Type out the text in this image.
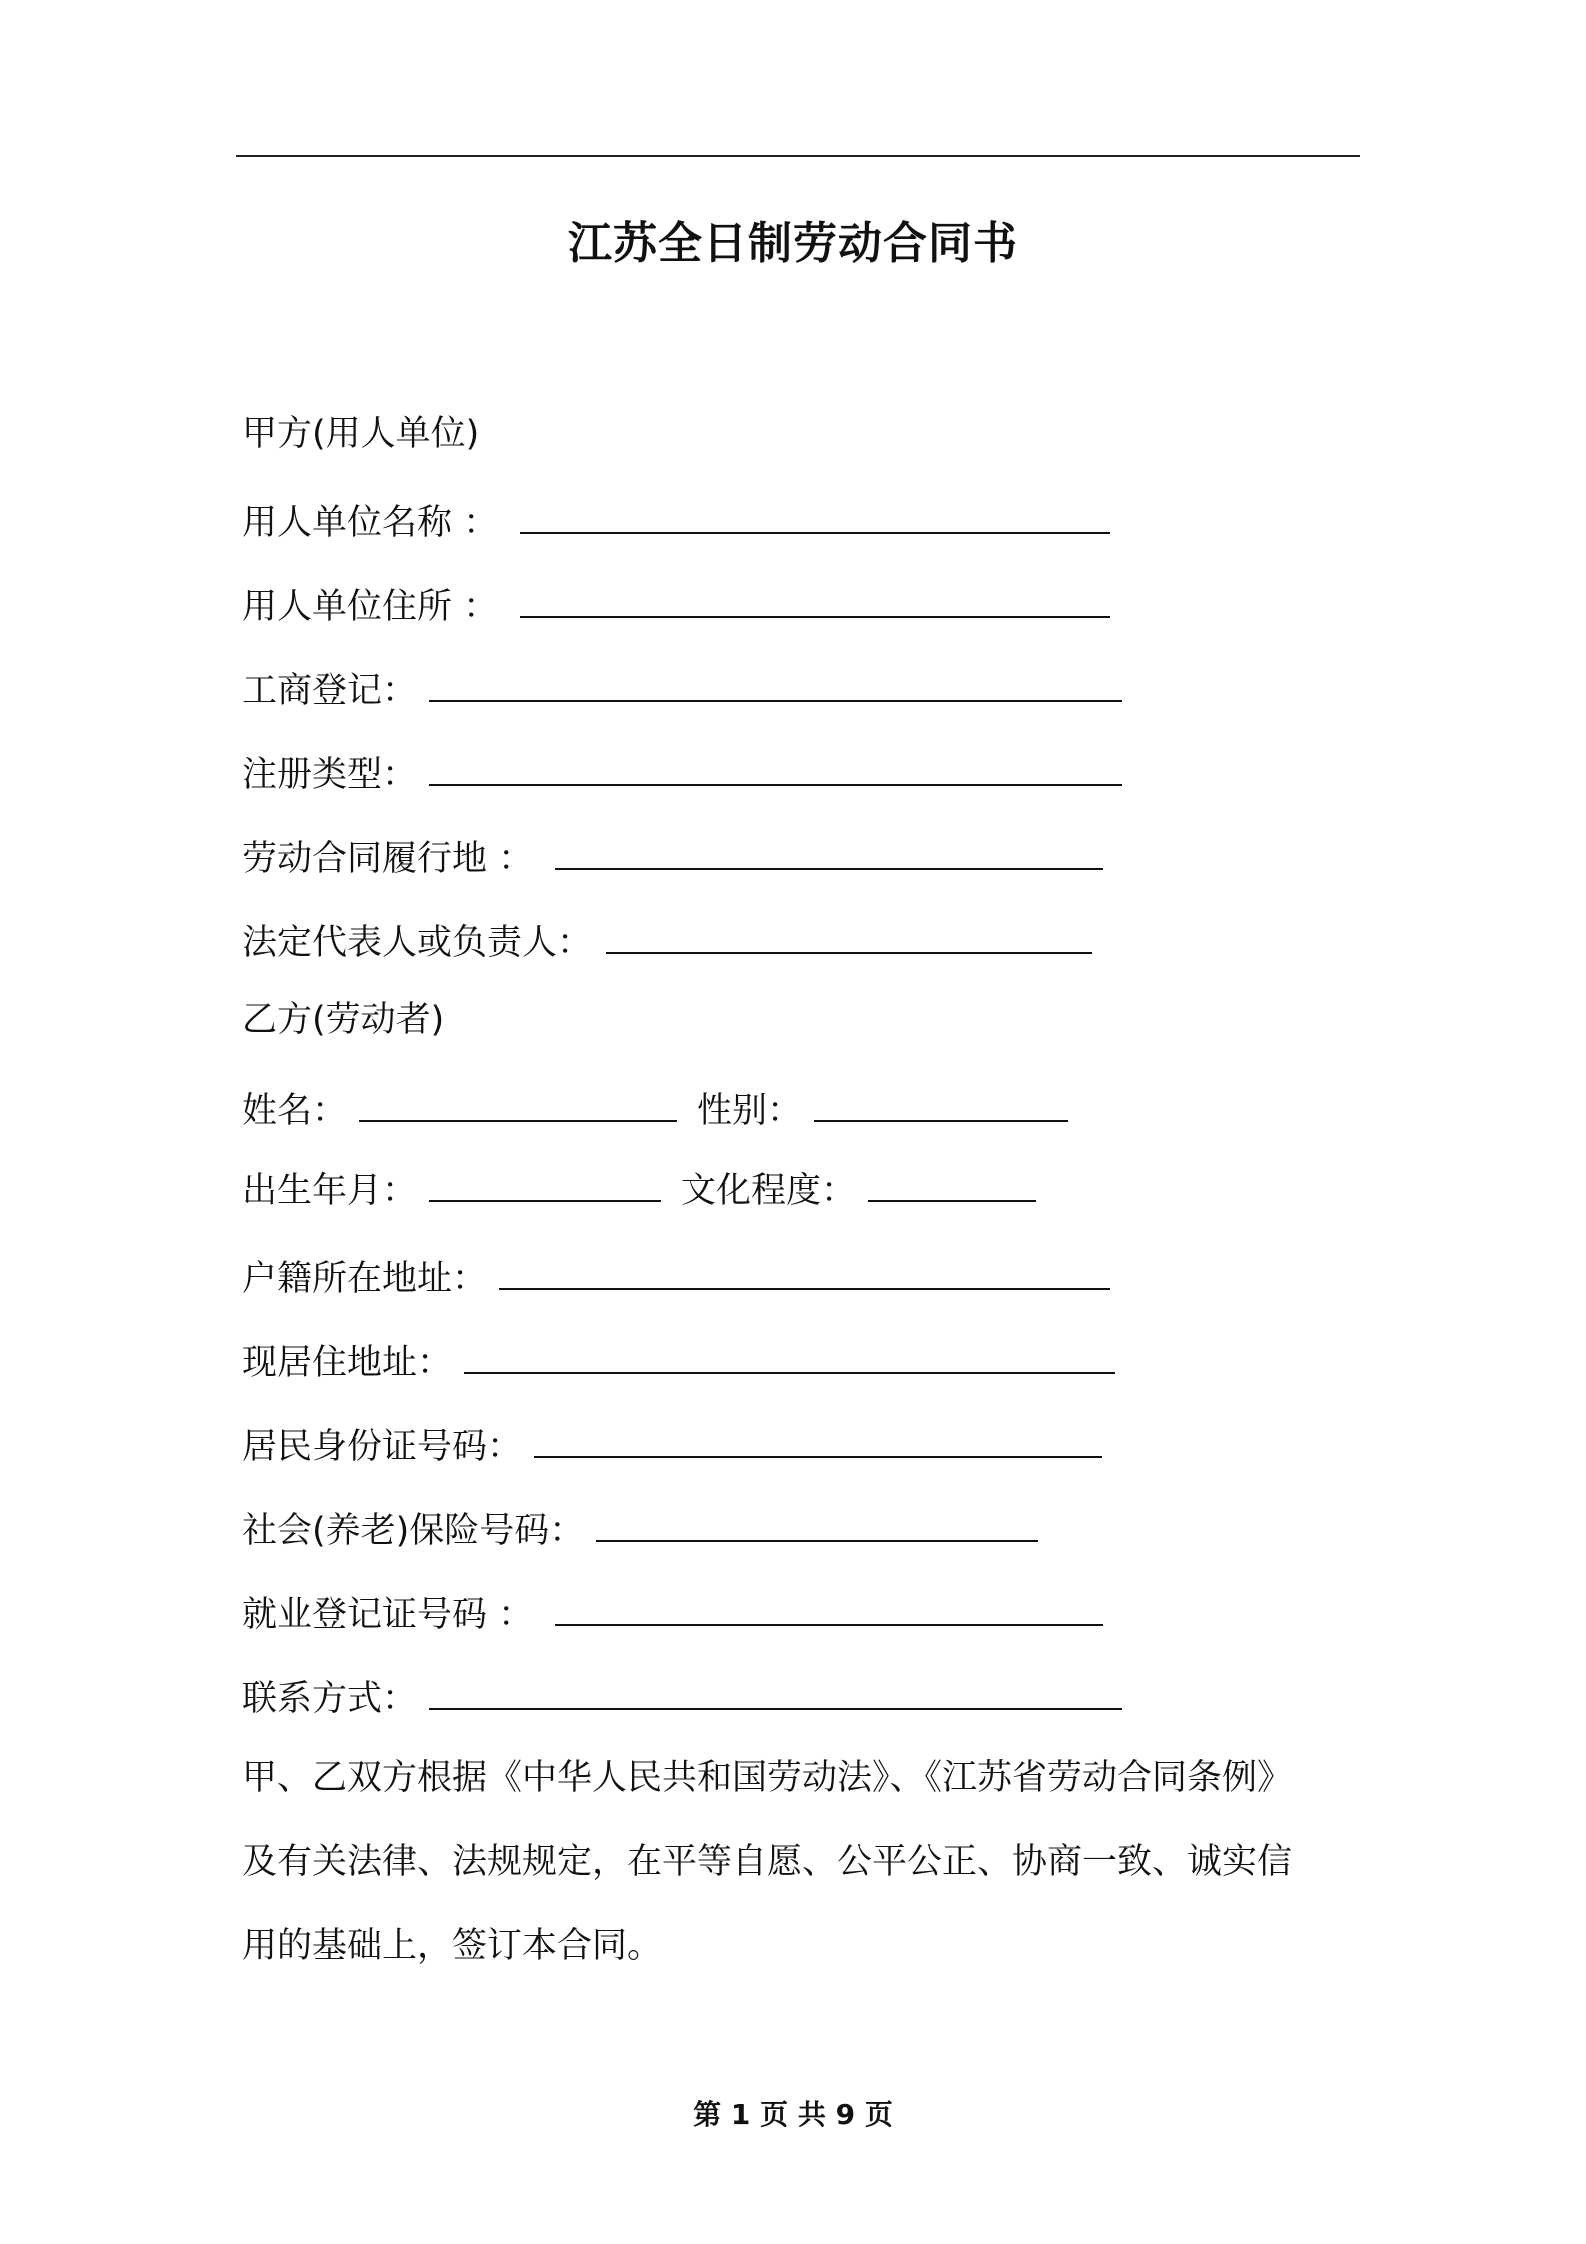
江苏全日制劳动合同书
甲方(用人单位)
用人单位名称 ：
用人单位住所 ：
工商登记：
注册类型：
劳动合同履行地 ：
法定代表人或负责人：
乙方(劳动者)
姓名：	性别：
出生年月：	文化程度：
户籍所在地址：
现居住地址：
居民身份证号码：
社会(养老)保险号码：
就业登记证号码 ：
联系方式：
甲、乙双方根据《中华人民共和国劳动法》、《江苏省劳动合同条例》
及有关法律、法规规定，在平等自愿、公平公正、协商一致、诚实信
用的基础上，签订本合同。
第 1 页 共 9 页
